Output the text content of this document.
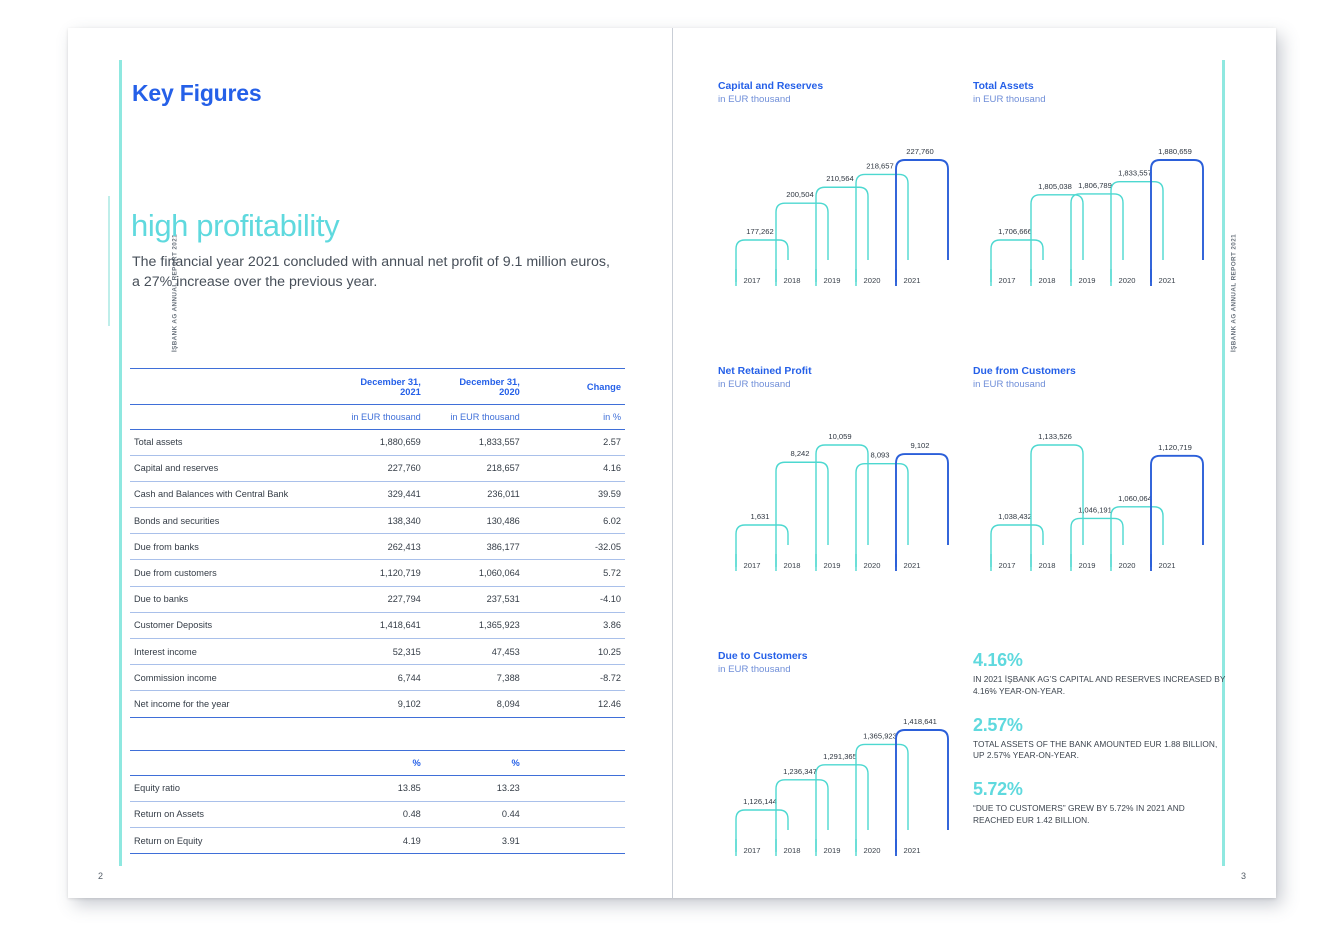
İŞBANK AG ANNUAL REPORT 2021
Key Figures
high profitability
The financial year 2021 concluded with annual net profit of 9.1 million euros, a 27% increase over the previous year.

	December 31, 2021	December 31, 2020	Change
	in EUR thousand	in EUR thousand	in %
Total assets	1,880,659	1,833,557	2.57
Capital and reserves	227,760	218,657	4.16
Cash and Balances with Central Bank	329,441	236,011	39.59
Bonds and securities	138,340	130,486	6.02
Due from banks	262,413	386,177	-32.05
Due from customers	1,120,719	1,060,064	5.72
Due to banks	227,794	237,531	-4.10
Customer Deposits	1,418,641	1,365,923	3.86
Interest income	52,315	47,453	10.25
Commission income	6,744	7,388	-8.72
Net income for the year	9,102	8,094	12.46
	%	%	
Equity ratio	13.85	13.23	
Return on Assets	0.48	0.44	
Return on Equity	4.19	3.91	
2
İŞBANK AG ANNUAL REPORT 2021
Capital and Reserves
in EUR thousand
177,262
2017
200,504
2018
210,564
2019
218,657
2020
227,760
2021
Total Assets
in EUR thousand
1,706,666
2017
1,805,038
2018
1,806,789
2019
1,833,557
2020
1,880,659
2021
Net Retained Profit
in EUR thousand
1,631
2017
8,242
2018
10,059
2019
8,093
2020
9,102
2021
Due from Customers
in EUR thousand
1,038,432
2017
1,133,526
2018
1,046,191
2019
1,060,064
2020
1,120,719
2021
Due to Customers
in EUR thousand
1,126,144
2017
1,236,347
2018
1,291,365
2019
1,365,923
2020
1,418,641
2021
4.16%
IN 2021 İŞBANK AG’S CAPITAL AND RESERVES INCREASED BY 4.16% YEAR-ON-YEAR.
2.57%
TOTAL ASSETS OF THE BANK AMOUNTED EUR 1.88 BILLION, UP 2.57% YEAR-ON-YEAR.
5.72%
“DUE TO CUSTOMERS” GREW BY 5.72% IN 2021 AND REACHED EUR 1.42 BILLION.
3
